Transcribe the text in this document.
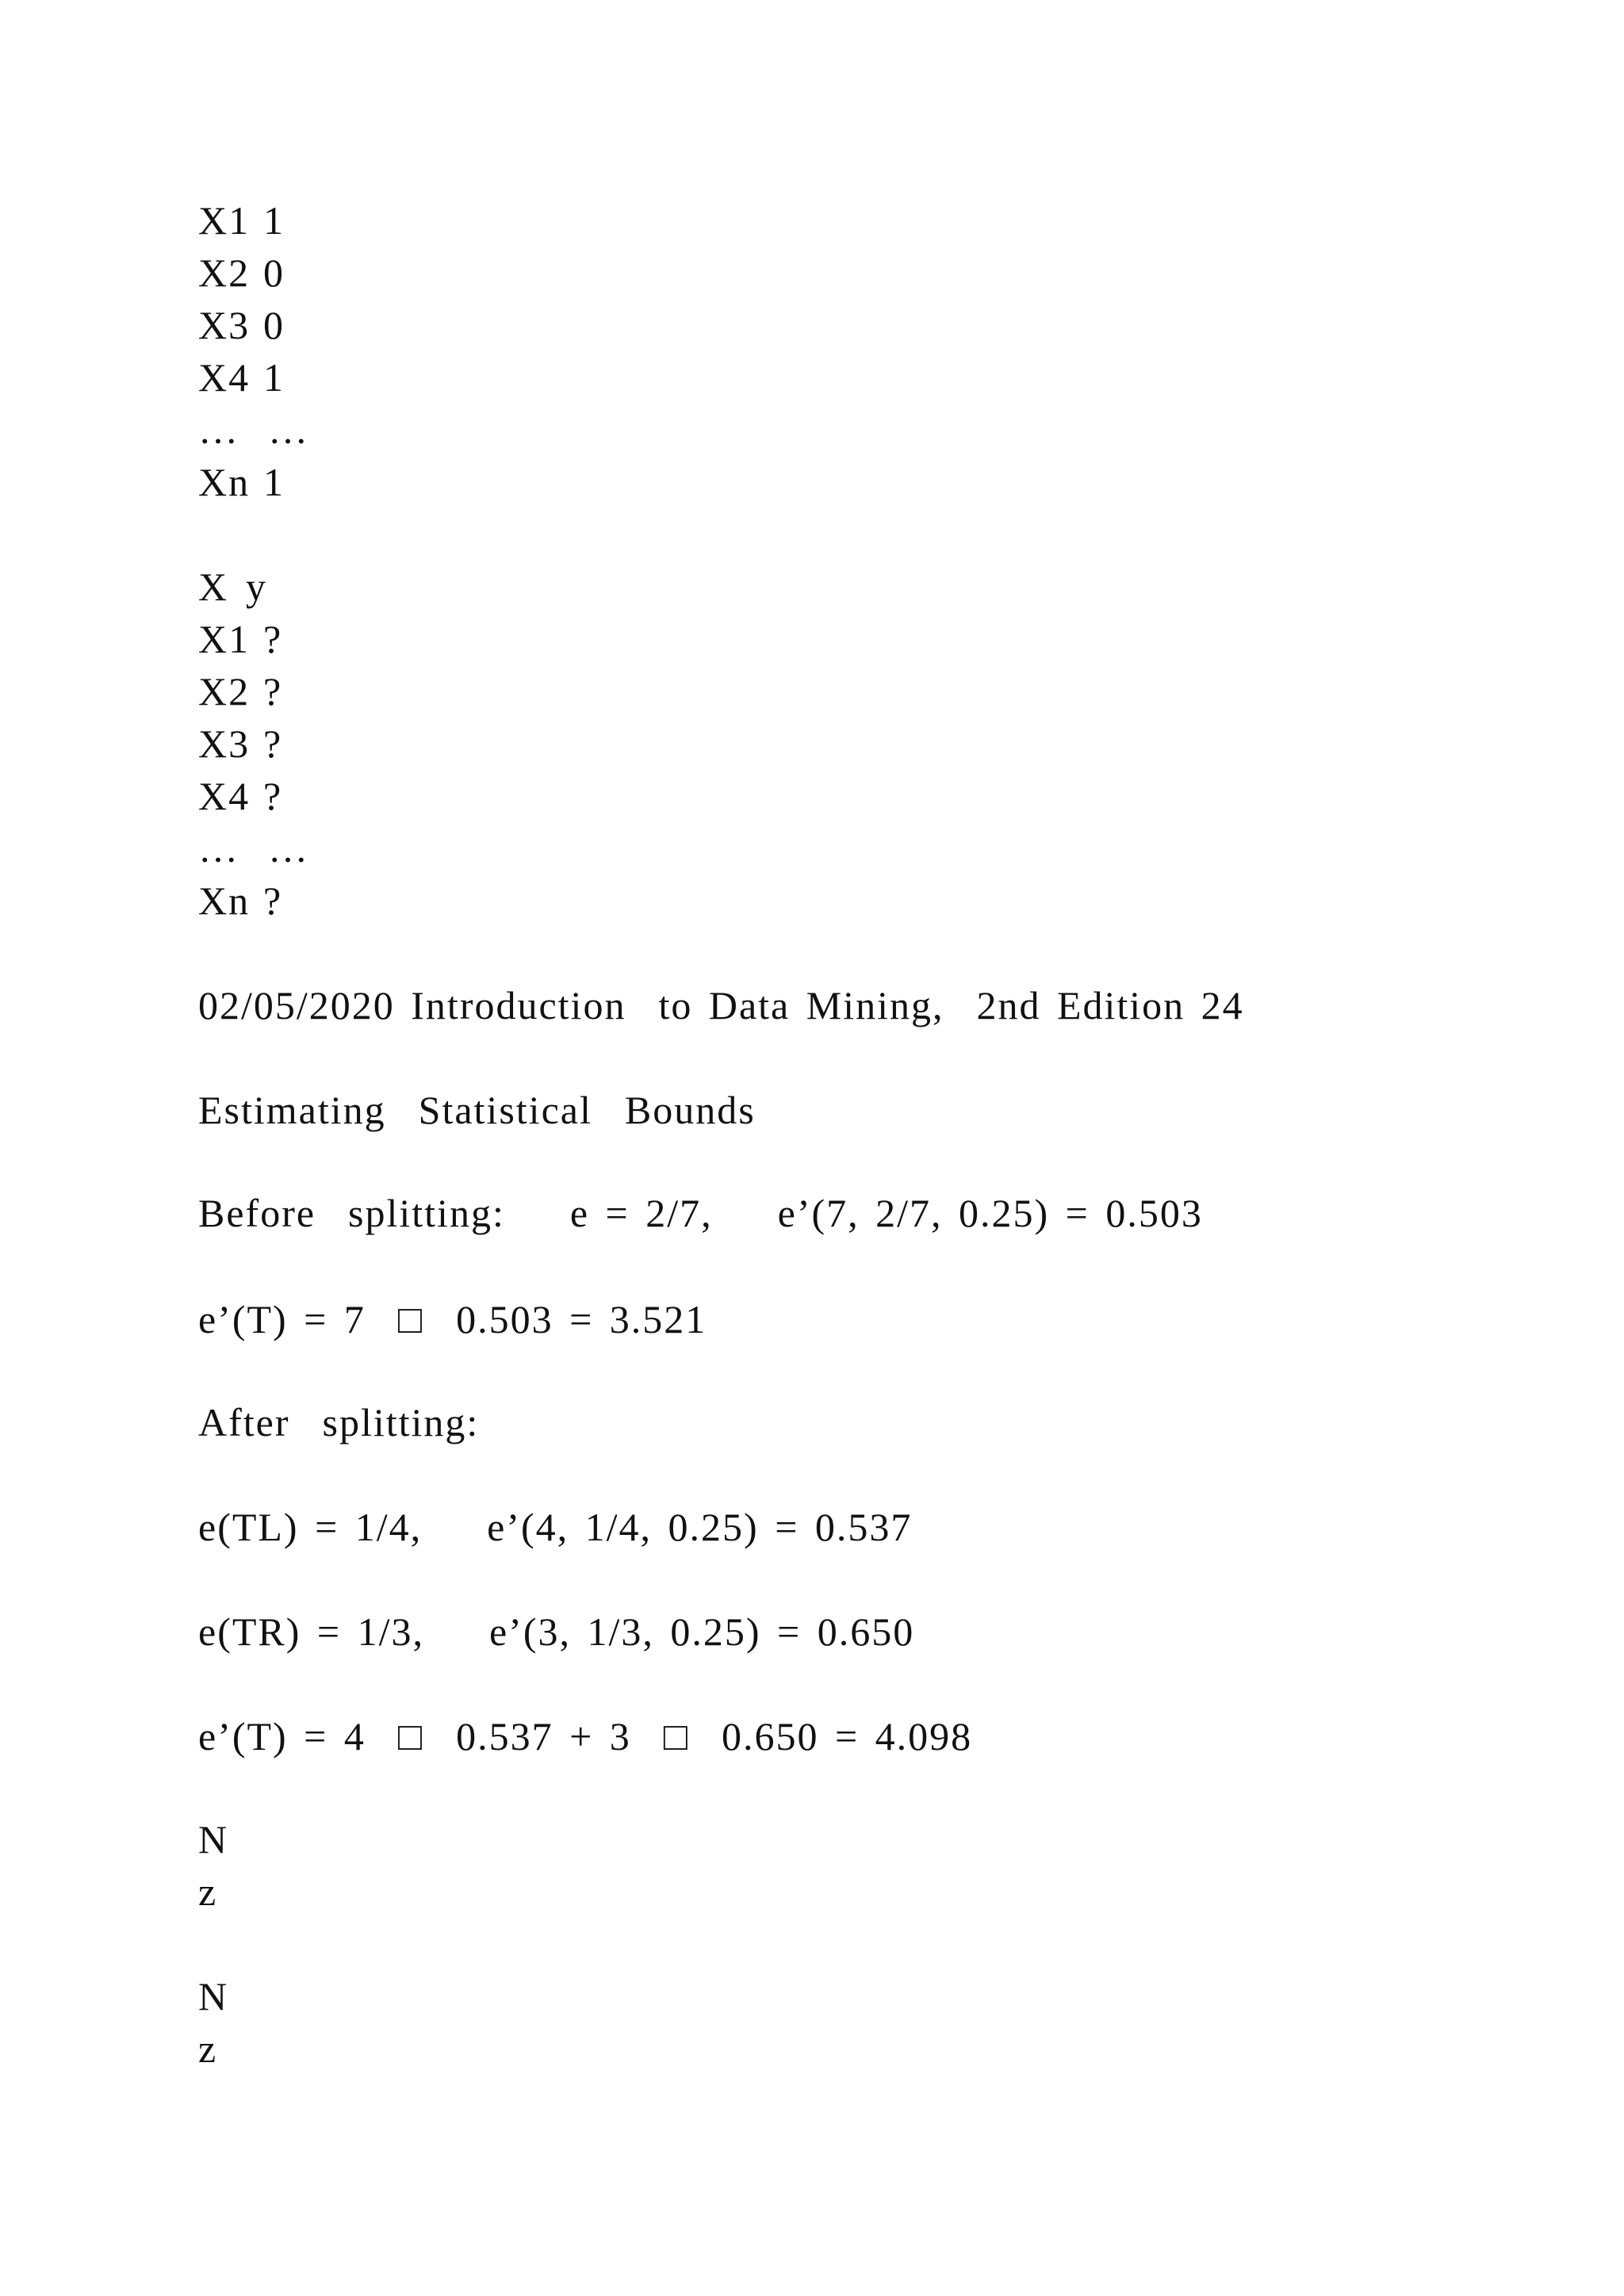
X1 1
X2 0
X3 0
X4 1
… …
Xn 1
X y
X1 ?
X2 ?
X3 ?
X4 ?
… …
Xn ?
02/05/2020 Introduction  to Data Mining,  2nd Edition 24
Estimating  Statistical  Bounds
Before  splitting:    e = 2/7,    e’(7, 2/7, 0.25) = 0.503
e’(T) = 7  □  0.503 = 3.521
After  splitting:
e(TL) = 1/4,    e’(4, 1/4, 0.25) = 0.537
e(TR) = 1/3,    e’(3, 1/3, 0.25) = 0.650
e’(T) = 4  □  0.537 + 3  □  0.650 = 4.098
N
z
N
z
